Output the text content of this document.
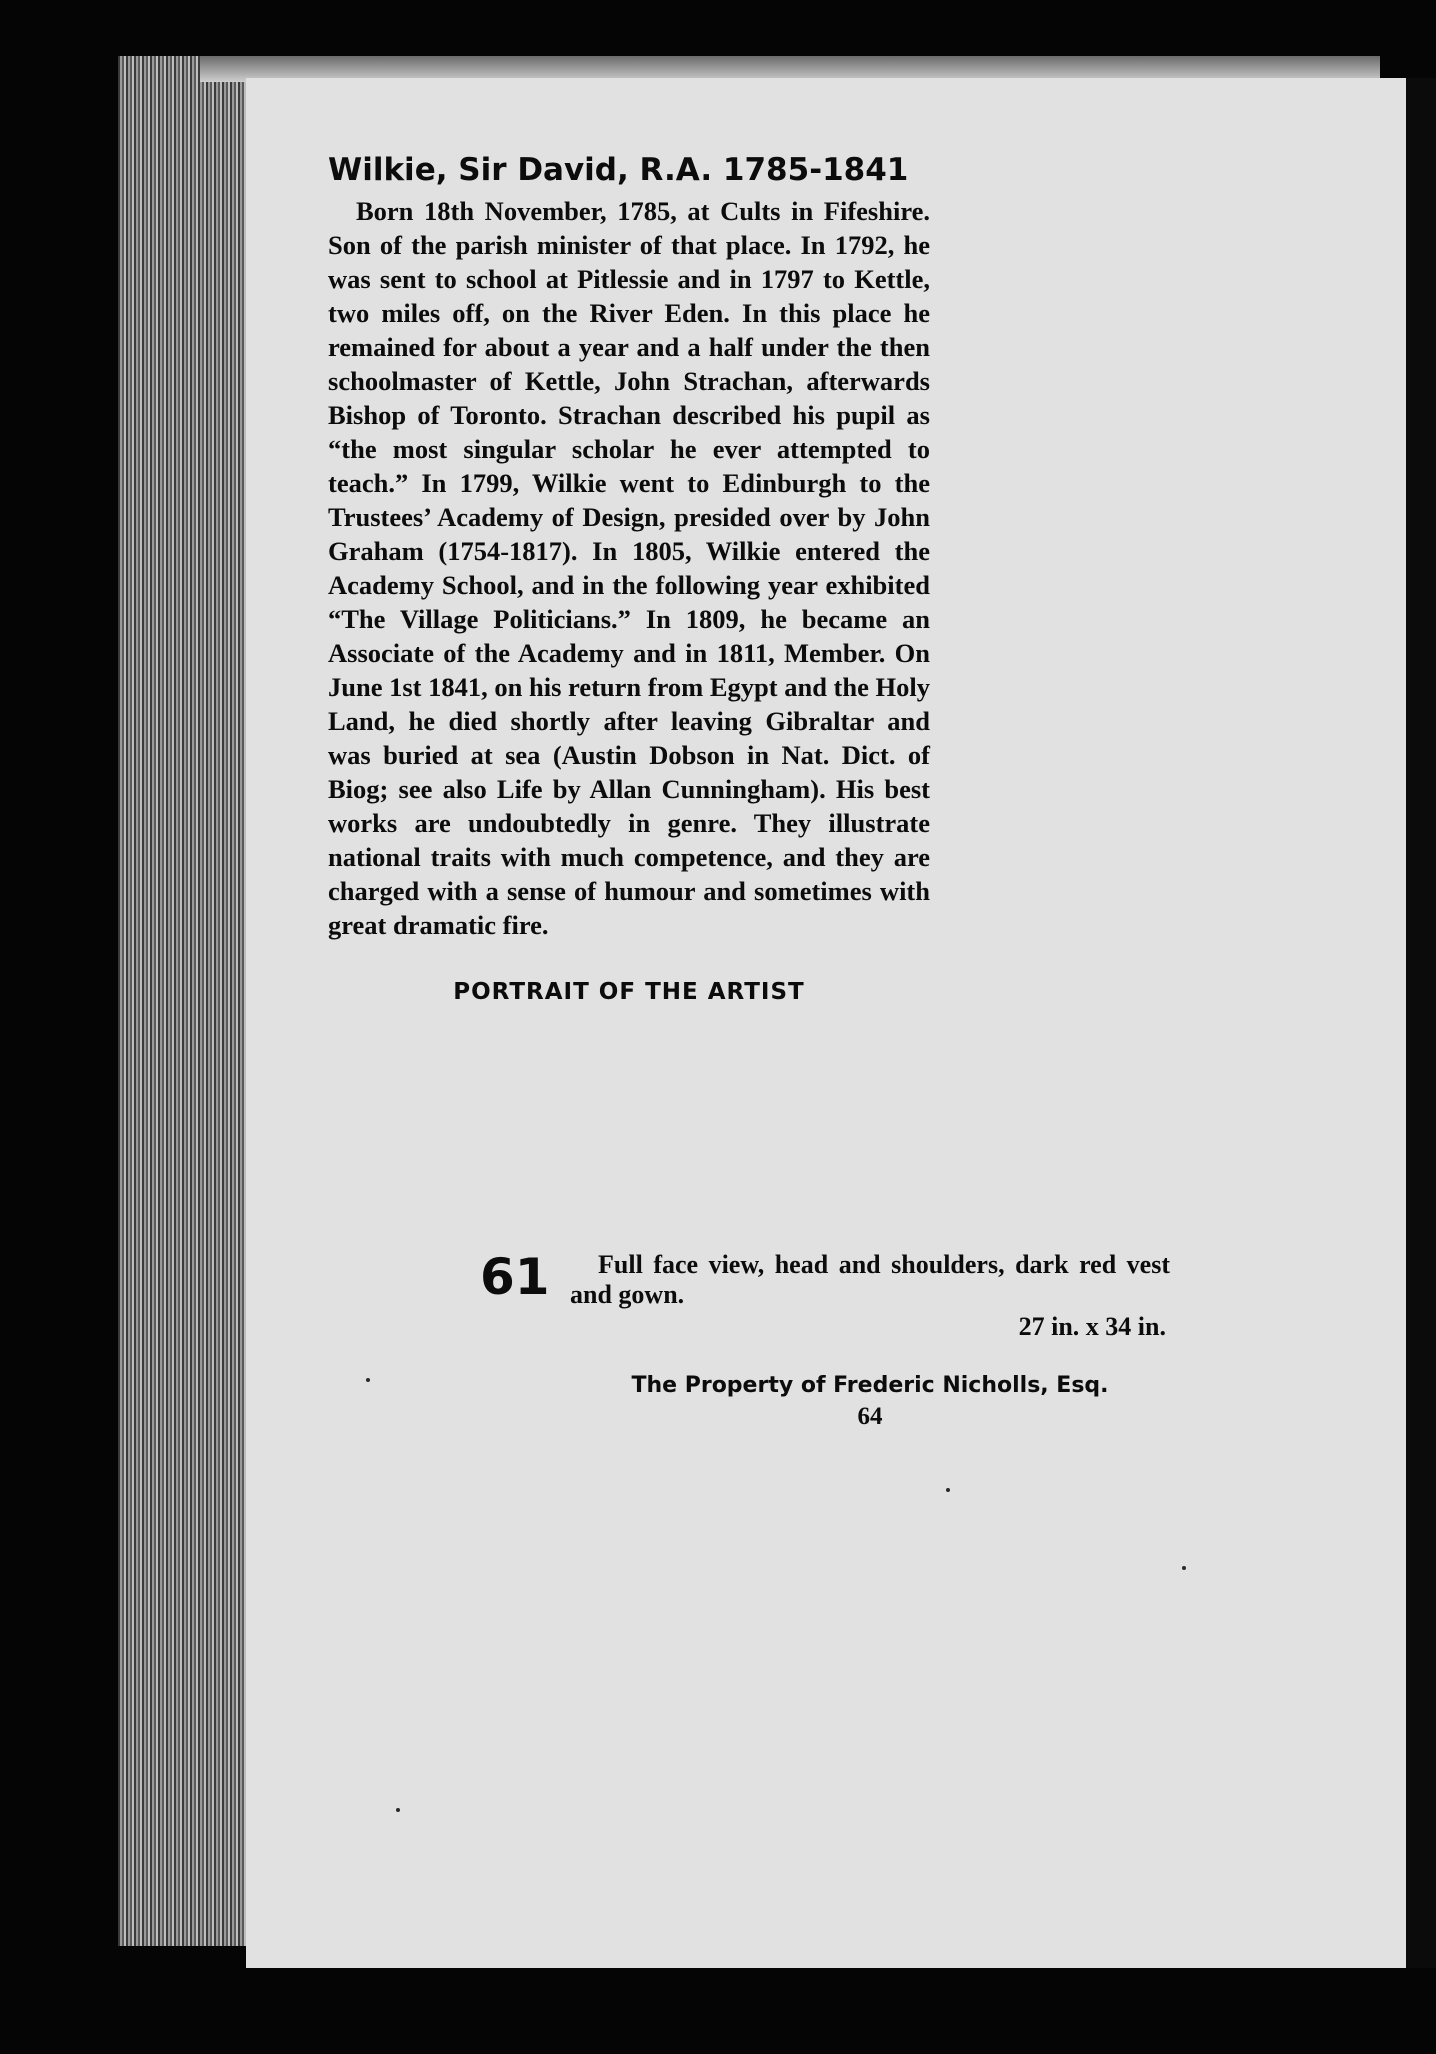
Wilkie, Sir David, R.A. 1785-1841

Born 18th November, 1785, at Cults in Fifeshire. Son of the parish minister of that place. In 1792, he was sent to school at Pitlessie and in 1797 to Kettle, two miles off, on the River Eden. In this place he remained for about a year and a half under the then schoolmaster of Kettle, John Strachan, afterwards Bishop of Toronto. Strachan described his pupil as “the most singular scholar he ever attempted to teach.” In 1799, Wilkie went to Edinburgh to the Trustees’ Academy of Design, presided over by John Graham (1754-1817). In 1805, Wilkie entered the Academy School, and in the following year exhibited “The Village Politicians.” In 1809, he became an Associate of the Academy and in 1811, Member. On June 1st 1841, on his return from Egypt and the Holy Land, he died shortly after leaving Gibraltar and was buried at sea (Austin Dobson in Nat. Dict. of Biog; see also Life by Allan Cunningham). His best works are undoubtedly in genre. They illustrate national traits with much competence, and they are charged with a sense of humour and sometimes with great dramatic fire.

PORTRAIT OF THE ARTIST
61	Full face view, head and shoulders, dark red vest and gown.
27 in. x 34 in.
The Property of Frederic Nicholls, Esq.
64
